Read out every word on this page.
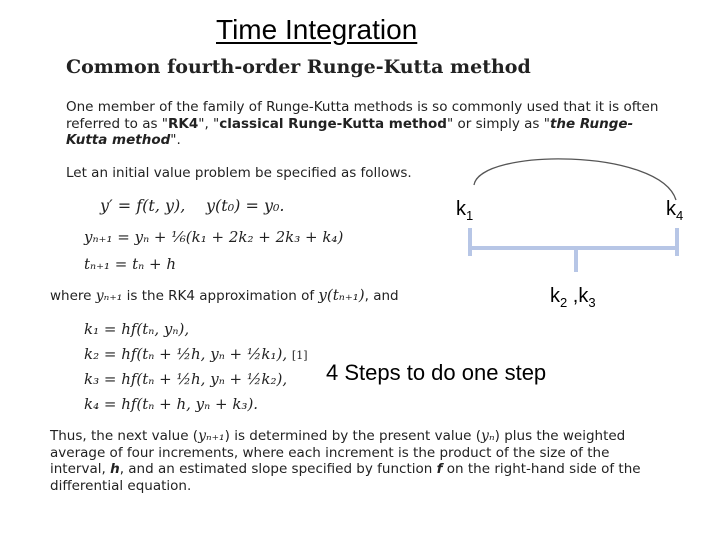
Time Integration
Common fourth-order Runge-Kutta method
One member of the family of Runge-Kutta methods is so commonly used that it is often referred to as "RK4", "classical Runge-Kutta method" or simply as "the Runge-Kutta method".
Let an initial value problem be specified as follows.
y′ = f(t, y), y(t₀) = y₀.
yₙ₊₁ = yₙ + ⅙(k₁ + 2k₂ + 2k₃ + k₄)
tₙ₊₁ = tₙ + h
where yₙ₊₁ is the RK4 approximation of y(tₙ₊₁), and
k₁ = hf(tₙ, yₙ),
k₂ = hf(tₙ + ½h, yₙ + ½k₁), [1]
k₃ = hf(tₙ + ½h, yₙ + ½k₂),
k₄ = hf(tₙ + h, yₙ + k₃).
Thus, the next value (yₙ₊₁) is determined by the present value (yₙ) plus the weighted average of four increments, where each increment is the product of the size of the interval, h, and an estimated slope specified by function f on the right-hand side of the differential equation.
$k_1$	$k_4$
$k_2$ $,k_3$
4 Steps to do one step
